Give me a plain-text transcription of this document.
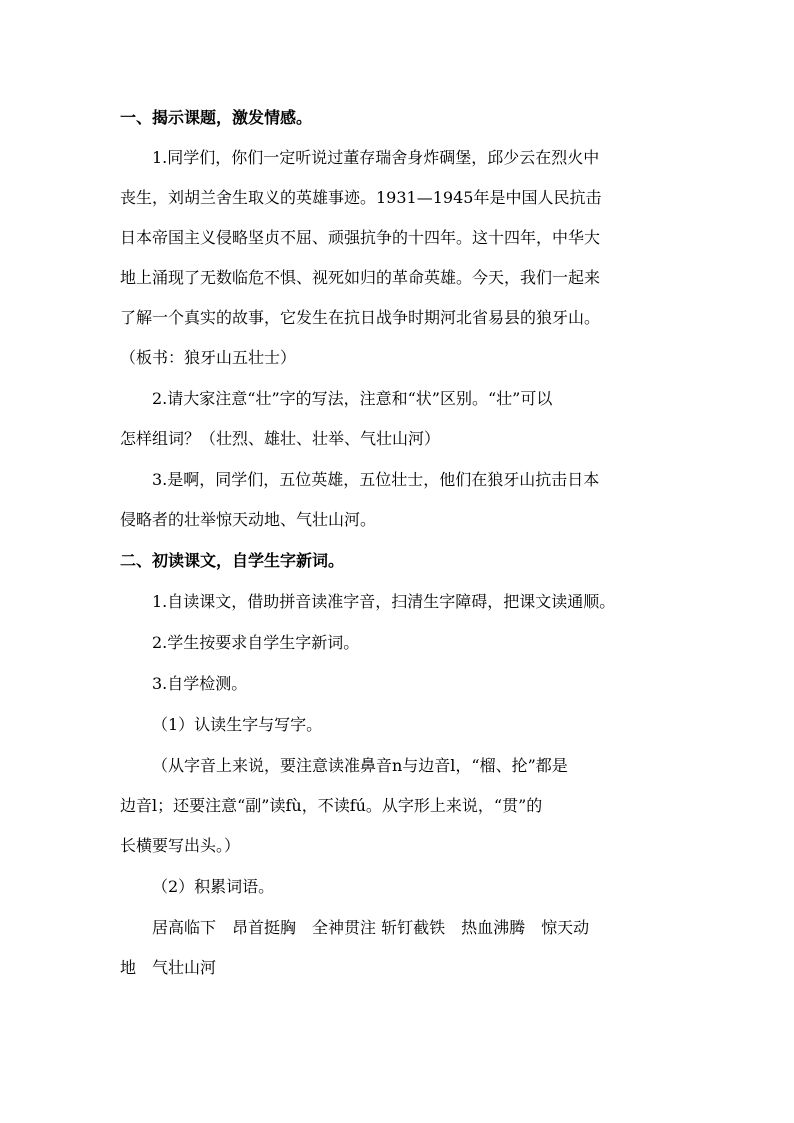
一、揭示课题，激发情感。

1.同学们，你们一定听说过董存瑞舍身炸碉堡，邱少云在烈火中

丧生，刘胡兰舍生取义的英雄事迹。1931—1945年是中国人民抗击

日本帝国主义侵略坚贞不屈、顽强抗争的十四年。这十四年，中华大

地上涌现了无数临危不惧、视死如归的革命英雄。今天，我们一起来

了解一个真实的故事，它发生在抗日战争时期河北省易县的狼牙山。

（板书：狼牙山五壮士）

2.请大家注意“壮”字的写法，注意和“状”区别。“壮”可以

怎样组词？（壮烈、雄壮、壮举、气壮山河）

3.是啊，同学们，五位英雄，五位壮士，他们在狼牙山抗击日本

侵略者的壮举惊天动地、气壮山河。

二、初读课文，自学生字新词。

1.自读课文，借助拼音读准字音，扫清生字障碍，把课文读通顺。

2.学生按要求自学生字新词。

3.自学检测。

（1）认读生字与写字。

（从字音上来说，要注意读准鼻音n与边音l，“榴、抡”都是

边音l；还要注意“副”读fù，不读fú。从字形上来说，“贯”的

长横要写出头。）

（2）积累词语。

居高临下　昂首挺胸　全神贯注 斩钉截铁　热血沸腾　惊天动

地　气壮山河
